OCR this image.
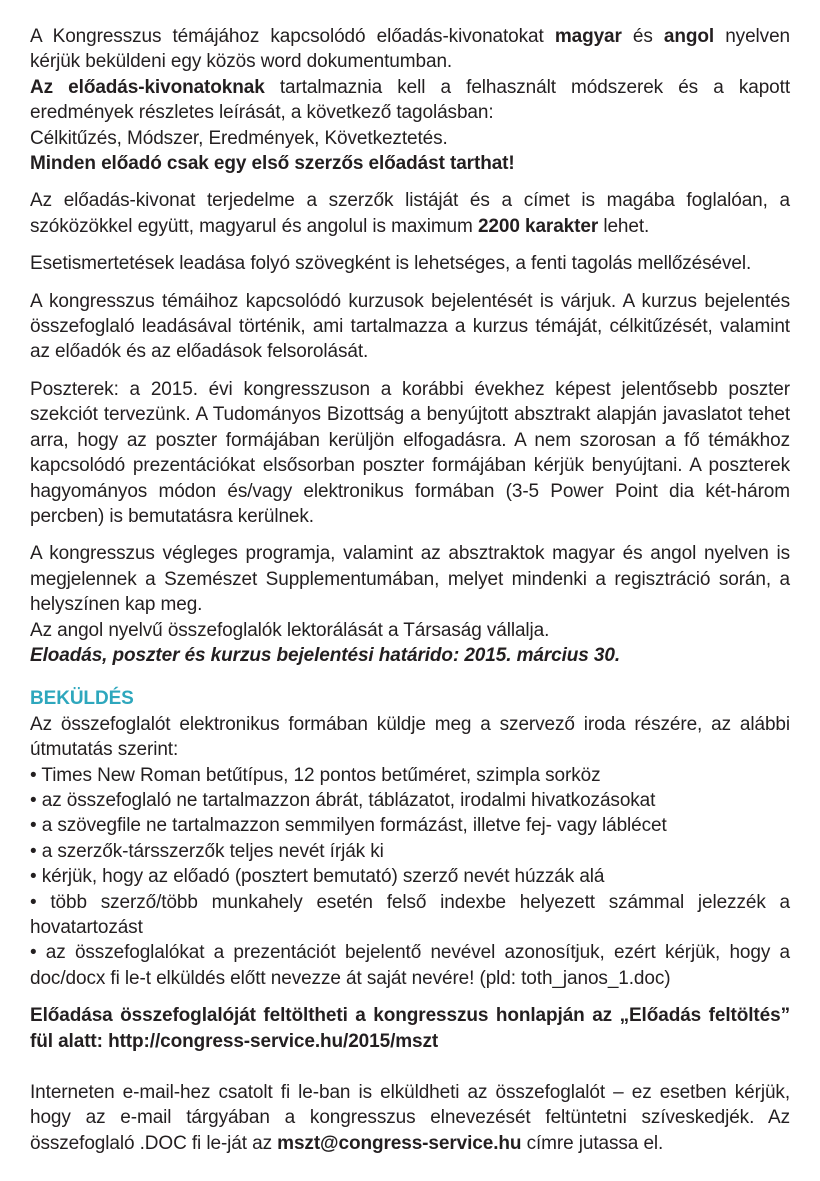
A Kongresszus témájához kapcsolódó előadás-kivonatokat magyar és angol nyelven kérjük beküldeni egy közös word dokumentumban.

Az előadás-kivonatoknak tartalmaznia kell a felhasznált módszerek és a kapott eredmények részletes leírását, a következő tagolásban:

Célkitűzés, Módszer, Eredmények, Következtetés.

Minden előadó csak egy első szerzős előadást tarthat!

Az előadás-kivonat terjedelme a szerzők listáját és a címet is magába foglalóan, a szóközökkel együtt, magyarul és angolul is maximum 2200 karakter lehet.

Esetismertetések leadása folyó szövegként is lehetséges, a fenti tagolás mellőzésével.

A kongresszus témáihoz kapcsolódó kurzusok bejelentését is várjuk. A kurzus bejelentés összefoglaló leadásával történik, ami tartalmazza a kurzus témáját, célkitűzését, valamint az előadók és az előadások felsorolását.

Poszterek: a 2015. évi kongresszuson a korábbi évekhez képest jelentősebb poszter szekciót tervezünk. A Tudományos Bizottság a benyújtott absztrakt alapján javaslatot tehet arra, hogy az poszter formájában kerüljön elfogadásra. A nem szorosan a fő témákhoz kapcsolódó prezentációkat elsősorban poszter formájában kérjük benyújtani. A poszterek hagyományos módon és/vagy elektronikus formában (3-5 Power Point dia két-három percben) is bemutatásra kerülnek.

A kongresszus végleges programja, valamint az absztraktok magyar és angol nyelven is megjelennek a Szemészet Supplementumában, melyet mindenki a regisztráció során, a helyszínen kap meg.

Az angol nyelvű összefoglalók lektorálását a Társaság vállalja.

Eloadás, poszter és kurzus bejelentési határido: 2015. március 30.

BEKÜLDÉS

Az összefoglalót elektronikus formában küldje meg a szervező iroda részére, az alábbi útmutatás szerint:

• Times New Roman betűtípus, 12 pontos betűméret, szimpla sorköz

• az összefoglaló ne tartalmazzon ábrát, táblázatot, irodalmi hivatkozásokat

• a szövegfile ne tartalmazzon semmilyen formázást, illetve fej- vagy láblécet

• a szerzők-társszerzők teljes nevét írják ki

• kérjük, hogy az előadó (posztert bemutató) szerző nevét húzzák alá

• több szerző/több munkahely esetén felső indexbe helyezett számmal jelezzék a hovatartozást

• az összefoglalókat a prezentációt bejelentő nevével azonosítjuk, ezért kérjük, hogy a doc/docx fi le-t elküldés előtt nevezze át saját nevére! (pld: toth_janos_1.doc)

Előadása összefoglalóját feltöltheti a kongresszus honlapján az „Előadás feltöltés” fül alatt: http://congress-service.hu/2015/mszt

Interneten e-mail-hez csatolt fi le-ban is elküldheti az összefoglalót – ez esetben kérjük, hogy az e-mail tárgyában a kongresszus elnevezését feltüntetni szíveskedjék. Az összefoglaló .DOC fi le-ját az mszt@congress-service.hu címre jutassa el.
